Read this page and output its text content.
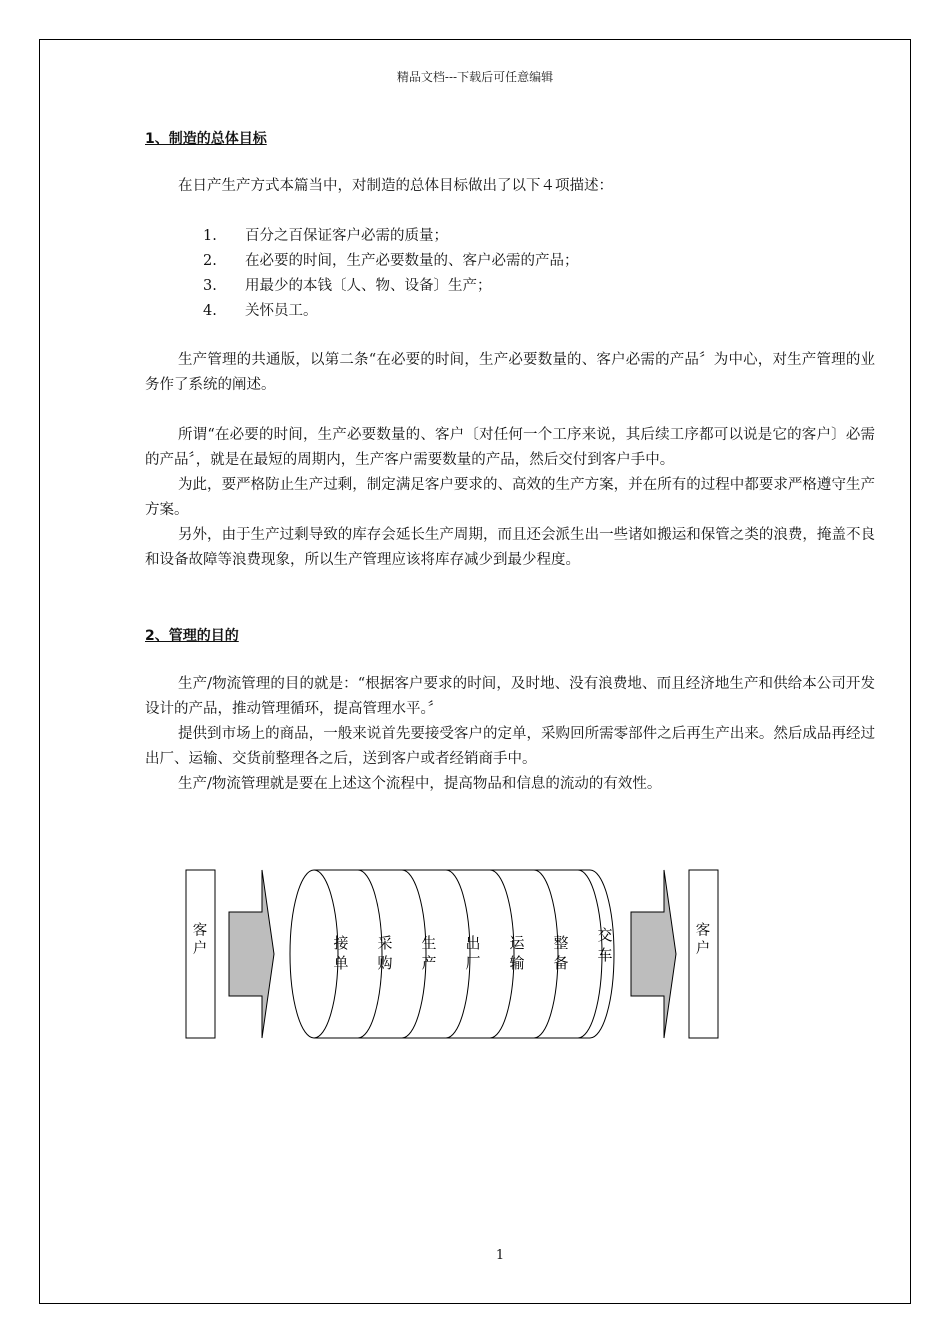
精品文档---下载后可任意编辑
1、制造的总体目标

在日产生产方式本篇当中，对制造的总体目标做出了以下４项描述：

1. 百分之百保证客户必需的质量；
2. 在必要的时间，生产必要数量的、客户必需的产品；
3. 用最少的本钱〔人、物、设备〕生产；
4. 关怀员工。

生产管理的共通版，以第二条“在必要的时间，生产必要数量的、客户必需的产品〞为中心，对生产管理的业务作了系统的阐述。

所谓“在必要的时间，生产必要数量的、客户〔对任何一个工序来说，其后续工序都可以说是它的客户〕必需的产品〞，就是在最短的周期内，生产客户需要数量的产品，然后交付到客户手中。

为此，要严格防止生产过剩，制定满足客户要求的、高效的生产方案，并在所有的过程中都要求严格遵守生产方案。

另外，由于生产过剩导致的库存会延长生产周期，而且还会派生出一些诸如搬运和保管之类的浪费，掩盖不良和设备故障等浪费现象，所以生产管理应该将库存减少到最少程度。

2、管理的目的

生产/物流管理的目的就是：“根据客户要求的时间，及时地、没有浪费地、而且经济地生产和供给本公司开发设计的产品，推动管理循环，提高管理水平。〞

提供到市场上的商品，一般来说首先要接受客户的定单，采购回所需零部件之后再生产出来。然后成品再经过出厂、运输、交货前整理各之后，送到客户或者经销商手中。

生产/物流管理就是要在上述这个流程中，提高物品和信息的流动的有效性。

客
户	接
单
采
购
生
产
出
厂
运
输
整
备
交
车
客
户
1
